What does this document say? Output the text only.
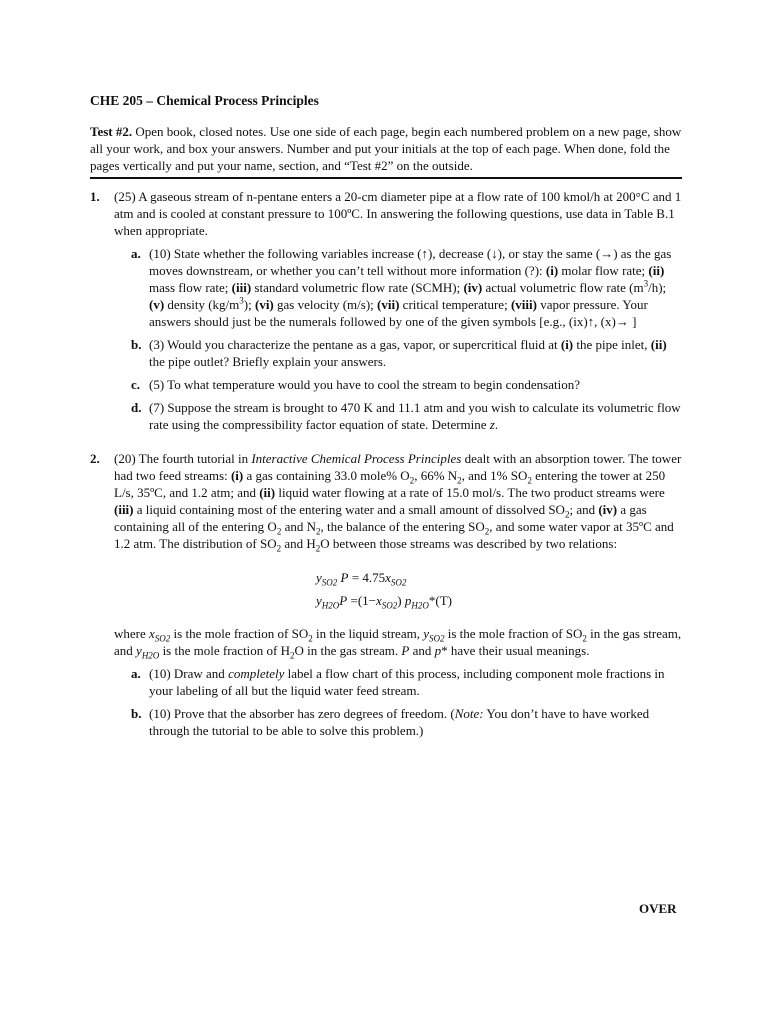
CHE 205 – Chemical Process Principles

Test #2. Open book, closed notes. Use one side of each page, begin each numbered problem on a new page, show all your work, and box your answers. Number and put your initials at the top of each page. When done, fold the pages vertically and put your name, section, and “Test #2” on the outside.

1. (25) A gaseous stream of n-pentane enters a 20-cm diameter pipe at a flow rate of 100 kmol/h at 200°C and 1 atm and is cooled at constant pressure to 100ºC. In answering the following questions, use data in Table B.1 when appropriate.

a. (10) State whether the following variables increase (↑), decrease (↓), or stay the same (→) as the gas moves downstream, or whether you can’t tell without more information (?): (i) molar flow rate; (ii) mass flow rate; (iii) standard volumetric flow rate (SCMH); (iv) actual volumetric flow rate $(m^3/h)$; (v) density $(kg/m^3)$; (vi) gas velocity (m/s); (vii) critical temperature; (viii) vapor pressure. Your answers should just be the numerals followed by one of the given symbols [e.g., (ix)↑, (x)→ ]
b. (3) Would you characterize the pentane as a gas, vapor, or supercritical fluid at (i) the pipe inlet, (ii) the pipe outlet? Briefly explain your answers.
c. (5) To what temperature would you have to cool the stream to begin condensation?
d. (7) Suppose the stream is brought to 470 K and 11.1 atm and you wish to calculate its volumetric flow rate using the compressibility factor equation of state. Determine z.
2. (20) The fourth tutorial in Interactive Chemical Process Principles dealt with an absorption tower. The tower had two feed streams: (i) a gas containing 33.0 mole% $O_2$, 66% $N_2$, and 1% $SO_2$ entering the tower at 250 L/s, 35ºC, and 1.2 atm; and (ii) liquid water flowing at a rate of 15.0 mol/s. The two product streams were (iii) a liquid containing most of the entering water and a small amount of dissolved $SO_2$; and (iv) a gas containing all of the entering $O_2$ and $N_2$, the balance of the entering $SO_2$, and some water vapor at 35ºC and 1.2 atm. The distribution of $SO_2$ and $H_2O$ between those streams was described by two relations:

$y_{SO2}$ $P = 4.75x_{SO2}$
$y_{H2O}P =(1-x_{SO2})$ $p_{H2O}*(T)$

where $x_{SO2}$ is the mole fraction of $SO_2$ in the liquid stream, $y_{SO2}$ is the mole fraction of $SO_2$ in the gas stream, and $y_{H2O}$ is the mole fraction of $H_2O$ in the gas stream. P and p* have their usual meanings.

a. (10) Draw and completely label a flow chart of this process, including component mole fractions in your labeling of all but the liquid water feed stream.
b. (10) Prove that the absorber has zero degrees of freedom. (Note: You don’t have to have worked through the tutorial to be able to solve this problem.)
OVER
